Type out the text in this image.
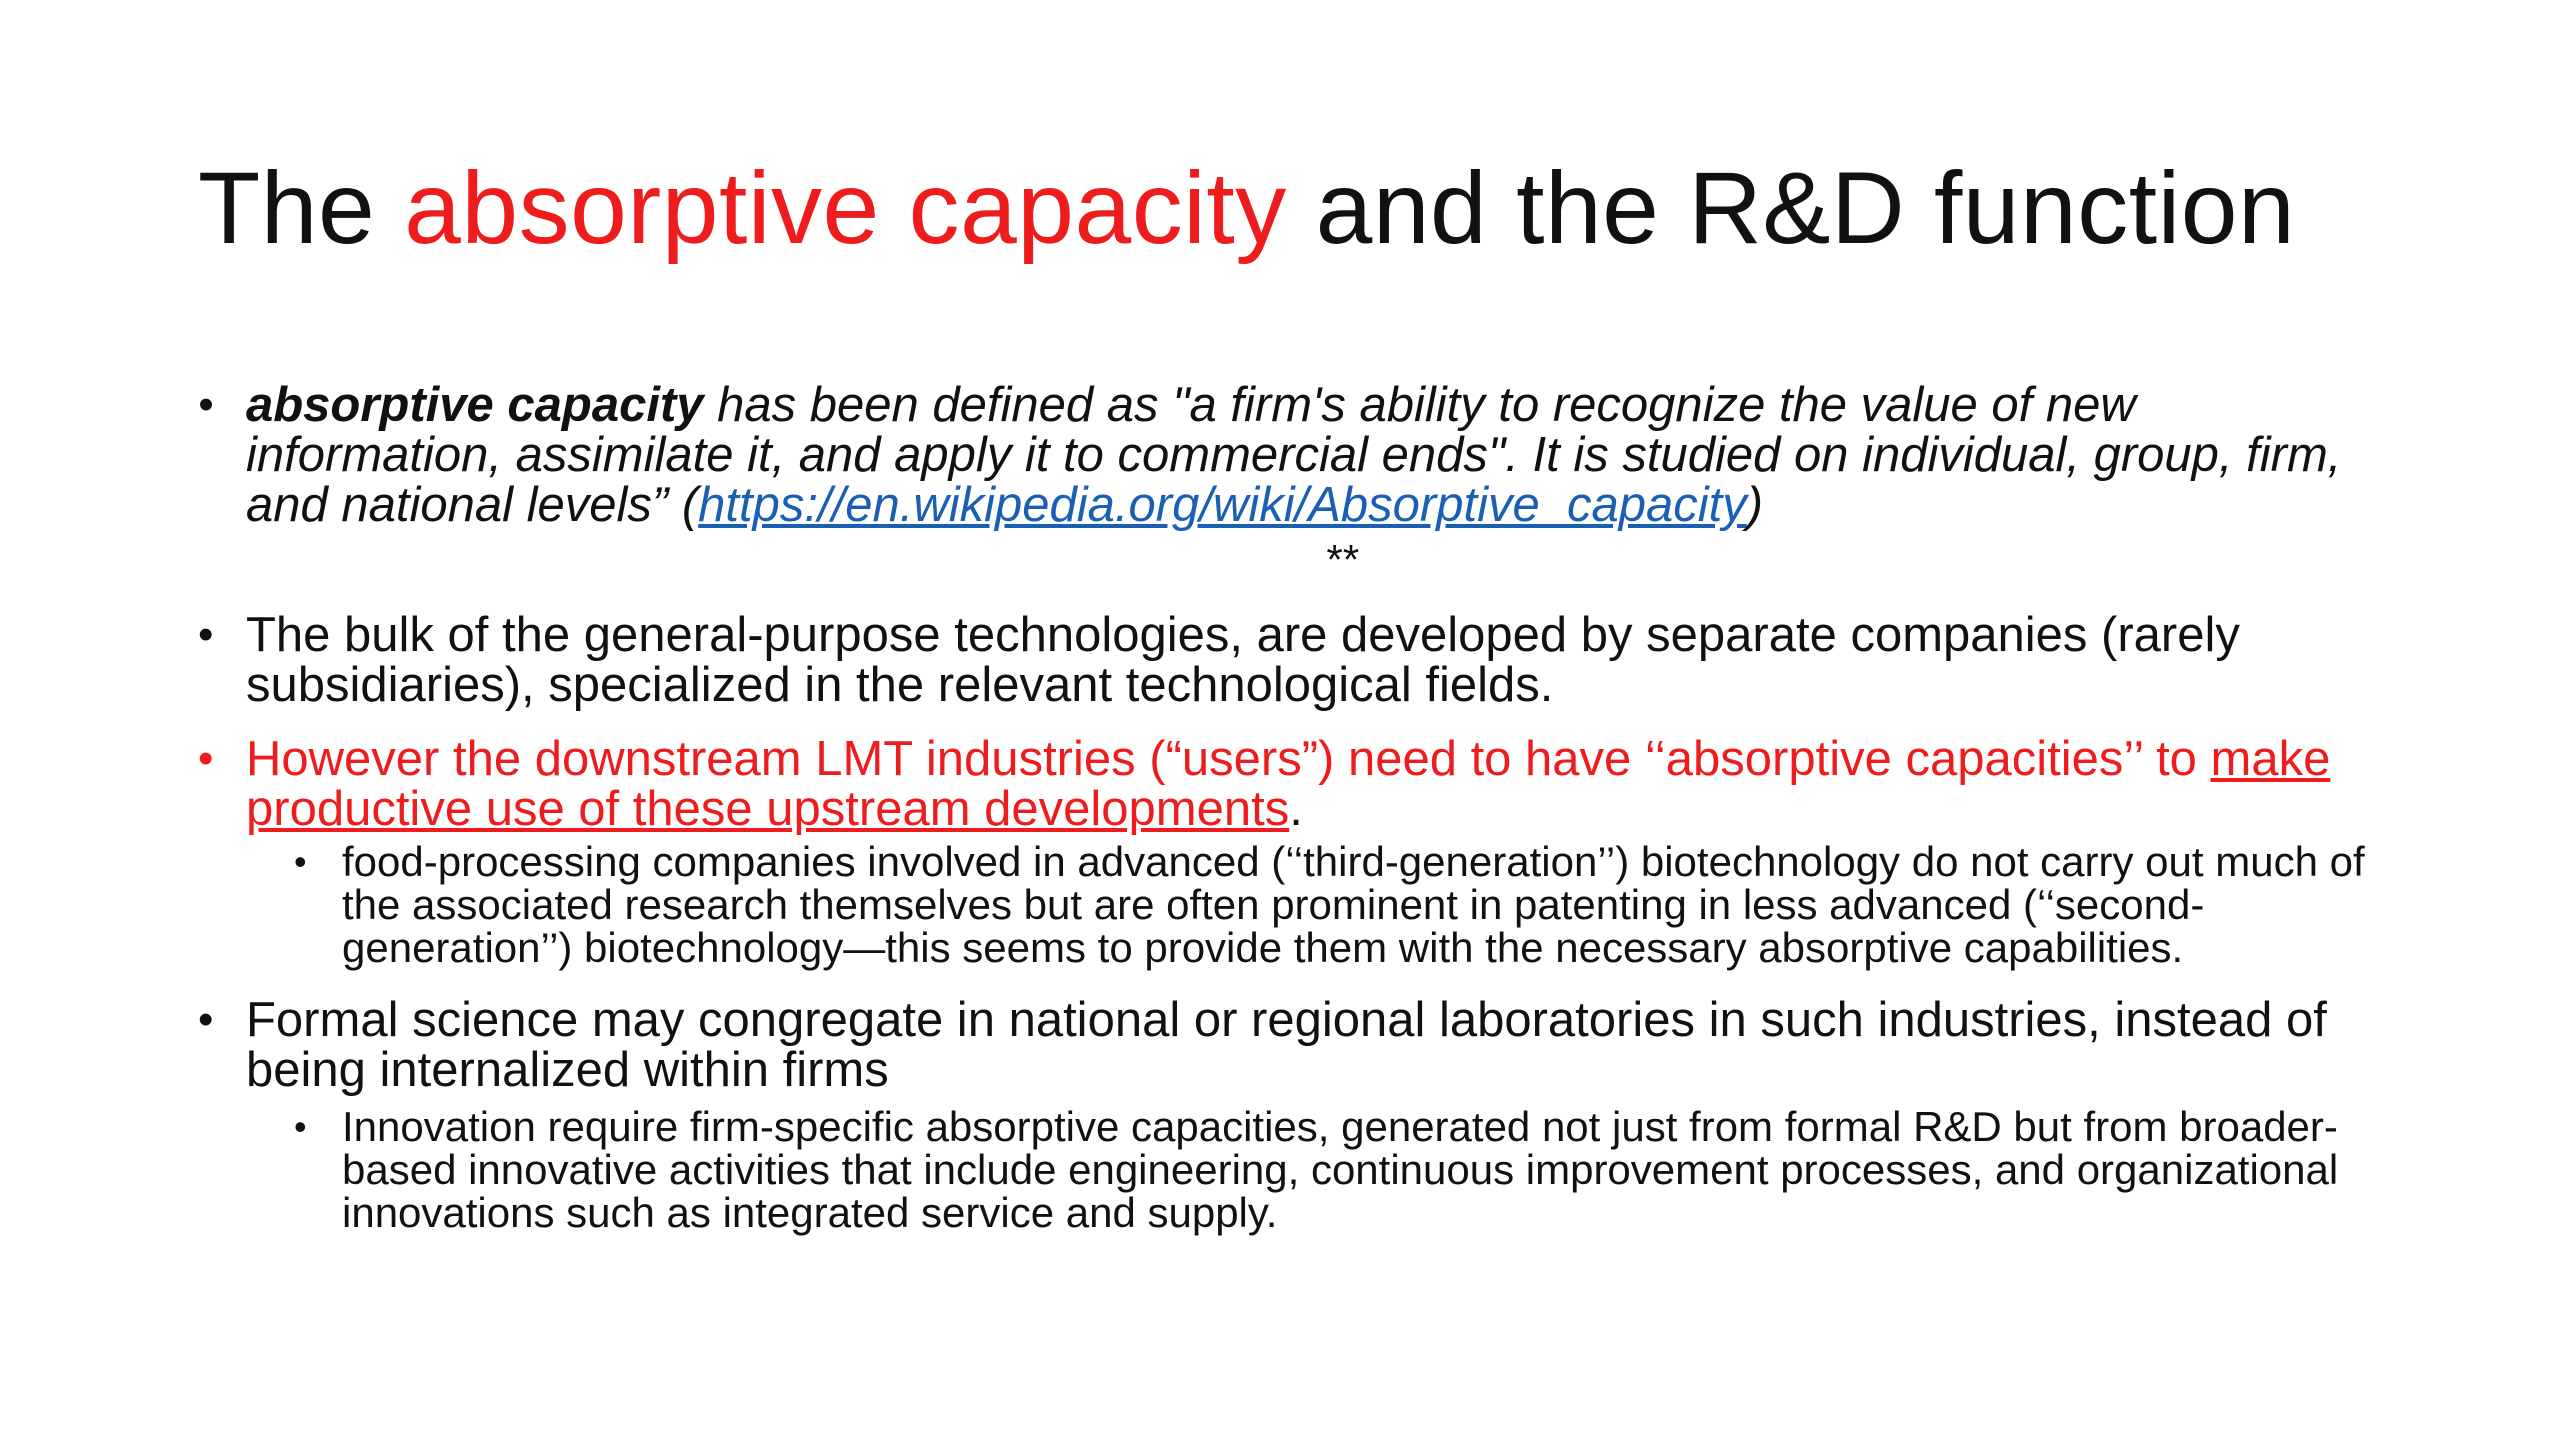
The absorptive capacity and the R&D function
• absorptive capacity has been defined as "a firm's ability to recognize the value of new information, assimilate it, and apply it to commercial ends". It is studied on individual, group, firm, and national levels” (https://en.wikipedia.org/wiki/Absorptive_capacity)
**
• The bulk of the general-purpose technologies, are developed by separate companies (rarely subsidiaries), specialized in the relevant technological fields.
• However the downstream LMT industries (“users”) need to have ‘‘absorptive capacities’’ to make productive use of these upstream developments.
• food-processing companies involved in advanced (‘‘third-generation’’) biotechnology do not carry out much of the associated research themselves but are often prominent in patenting in less advanced (‘‘second-generation’’) biotechnology—this seems to provide them with the necessary absorptive capabilities.
• Formal science may congregate in national or regional laboratories in such industries, instead of being internalized within firms
• Innovation require firm-specific absorptive capacities, generated not just from formal R&D but from broader-based innovative activities that include engineering, continuous improvement processes, and organizational innovations such as integrated service and supply.
